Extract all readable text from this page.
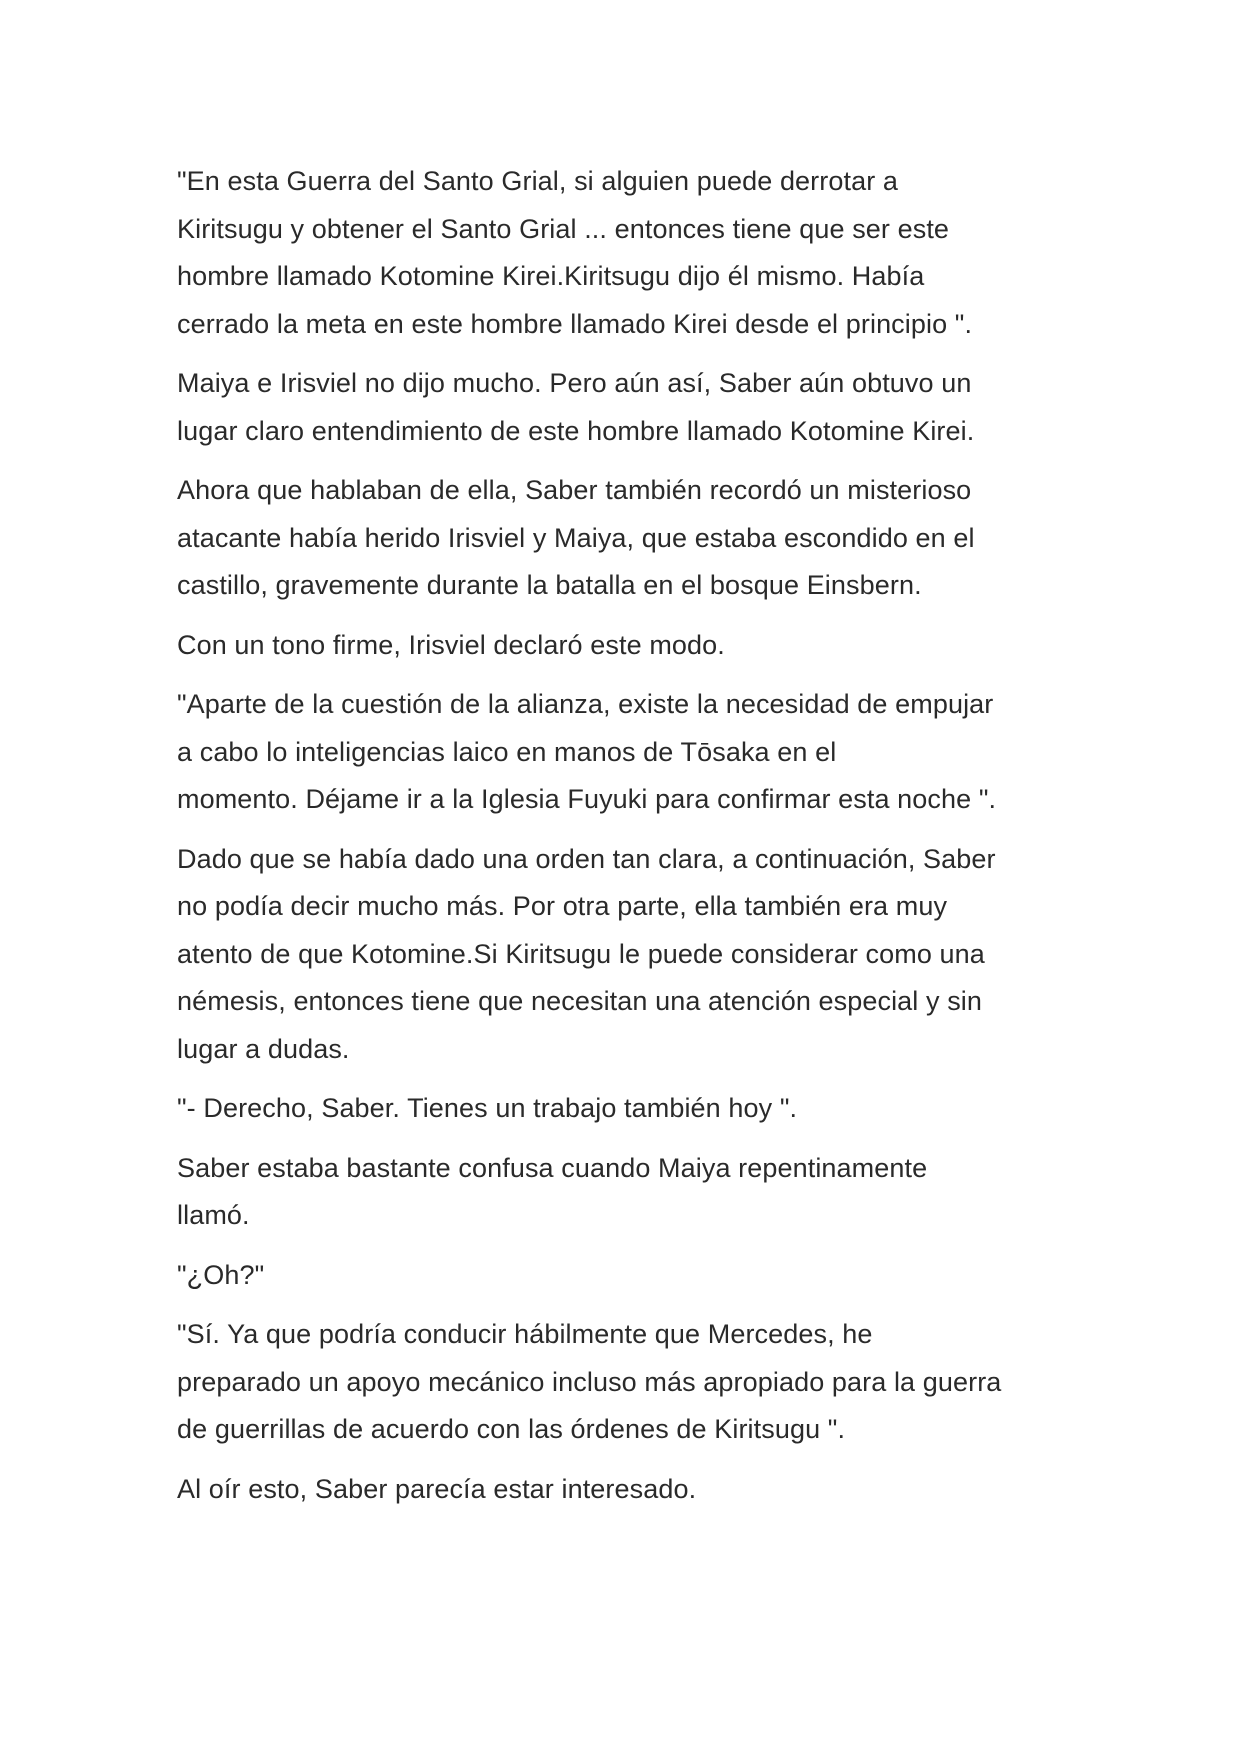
"En esta Guerra del Santo Grial, si alguien puede derrotar a
Kiritsugu y obtener el Santo Grial ... entonces tiene que ser este
hombre llamado Kotomine Kirei.Kiritsugu dijo él mismo. Había
cerrado la meta en este hombre llamado Kirei desde el principio ".

Maiya e Irisviel no dijo mucho. Pero aún así, Saber aún obtuvo un
lugar claro entendimiento de este hombre llamado Kotomine Kirei.

Ahora que hablaban de ella, Saber también recordó un misterioso
atacante había herido Irisviel y Maiya, que estaba escondido en el
castillo, gravemente durante la batalla en el bosque Einsbern.

Con un tono firme, Irisviel declaró este modo.

"Aparte de la cuestión de la alianza, existe la necesidad de empujar
a cabo lo inteligencias laico en manos de Tōsaka en el
momento. Déjame ir a la Iglesia Fuyuki para confirmar esta noche ".

Dado que se había dado una orden tan clara, a continuación, Saber
no podía decir mucho más. Por otra parte, ella también era muy
atento de que Kotomine.Si Kiritsugu le puede considerar como una
némesis, entonces tiene que necesitan una atención especial y sin
lugar a dudas.

"- Derecho, Saber. Tienes un trabajo también hoy ".

Saber estaba bastante confusa cuando Maiya repentinamente
llamó.

"¿Oh?"

"Sí. Ya que podría conducir hábilmente que Mercedes, he
preparado un apoyo mecánico incluso más apropiado para la guerra
de guerrillas de acuerdo con las órdenes de Kiritsugu ".

Al oír esto, Saber parecía estar interesado.
